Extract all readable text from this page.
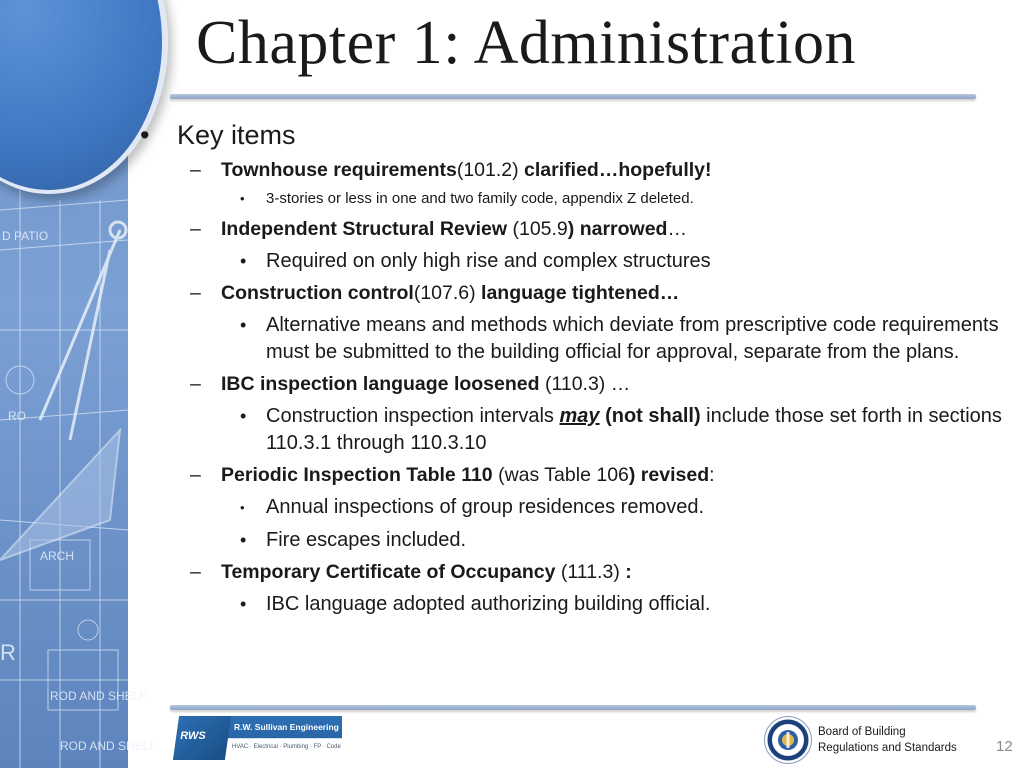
D PATIO
RO
ARCH
ROD AND SHELF
ROD AND SHELF
R
Chapter 1: Administration
• Key items
– Townhouse requirements(101.2) clarified…hopefully!
• 3-stories or less in one and two family code, appendix Z deleted.
– Independent Structural Review (105.9) narrowed…
• Required on only high rise and complex structures
– Construction control(107.6) language tightened…
• Alternative means and methods which deviate from prescriptive code requirements must be submitted to the building official for approval, separate from the plans.
– IBC inspection language loosened (110.3) …
• Construction inspection intervals may (not shall) include those set forth in sections 110.3.1 through 110.3.10
– Periodic Inspection Table 110 (was Table 106) revised:
• Annual inspections of group residences removed.
• Fire escapes included.
– Temporary Certificate of Occupancy (111.3) :
• IBC language adopted authorizing building official.
RWS
R.W. Sullivan Engineering
HVAC · Electrical · Plumbing · FP · Code
Board of Building
Regulations and Standards	12
